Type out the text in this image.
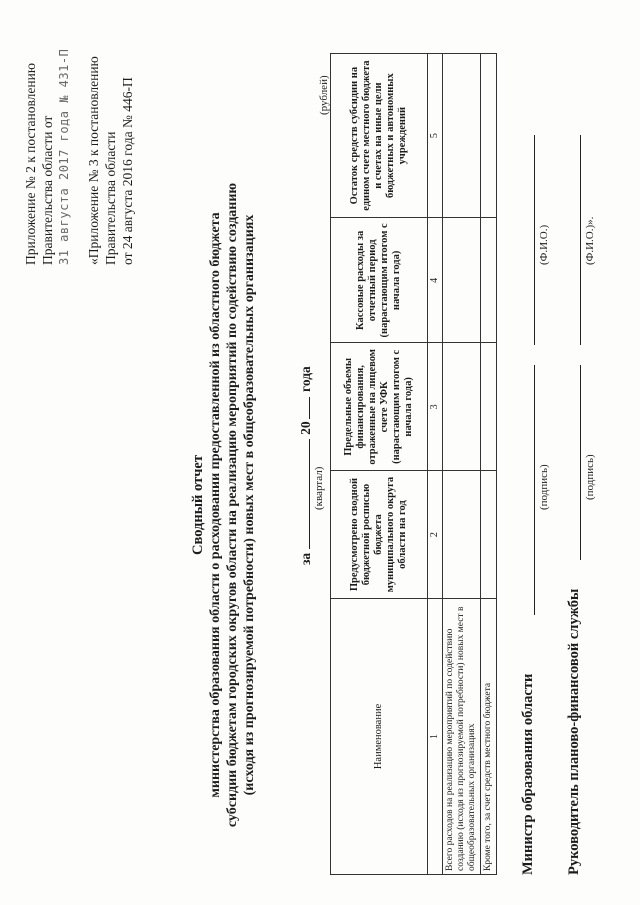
Приложение № 2 к постановлению Правительства области от 31 августа 2017 года № 431-П «Приложение № 3 к постановлению Правительства области от 24 августа 2016 года № 446-П
Сводный отчет министерства образования области о расходовании предоставленной из областного бюджета субсидии бюджетам городских округов области на реализацию мероприятий по содействию созданию (исходя из прогнозируемой потребности) новых мест в общеобразовательных организациях	за20 года
(квартал)
(рублей)
Наименование	Предусмотрено сводной бюджетной росписью бюджета муниципального округа области на год	Предельные объемы финансирования, отраженные на лицевом счете УФК (нарастающим итогом с начала года)	Кассовые расходы за отчетный период (нарастающим итогом с начала года)	Остаток средств субсидии на едином счете местного бюджета и счетах на иные цели бюджетных и автономных учреждений
1	2	3	4	5
Всего расходов на реализацию мероприятий по содействию созданию (исходя из прогнозируемой потребности) новых мест в общеобразовательных организациях				
Кроме того, за счет средств местного бюджета				Министр образования области
(подпись)
(Ф.И.О.)
Руководитель планово-финансовой службы
(подпись)
(Ф.И.О.)».
